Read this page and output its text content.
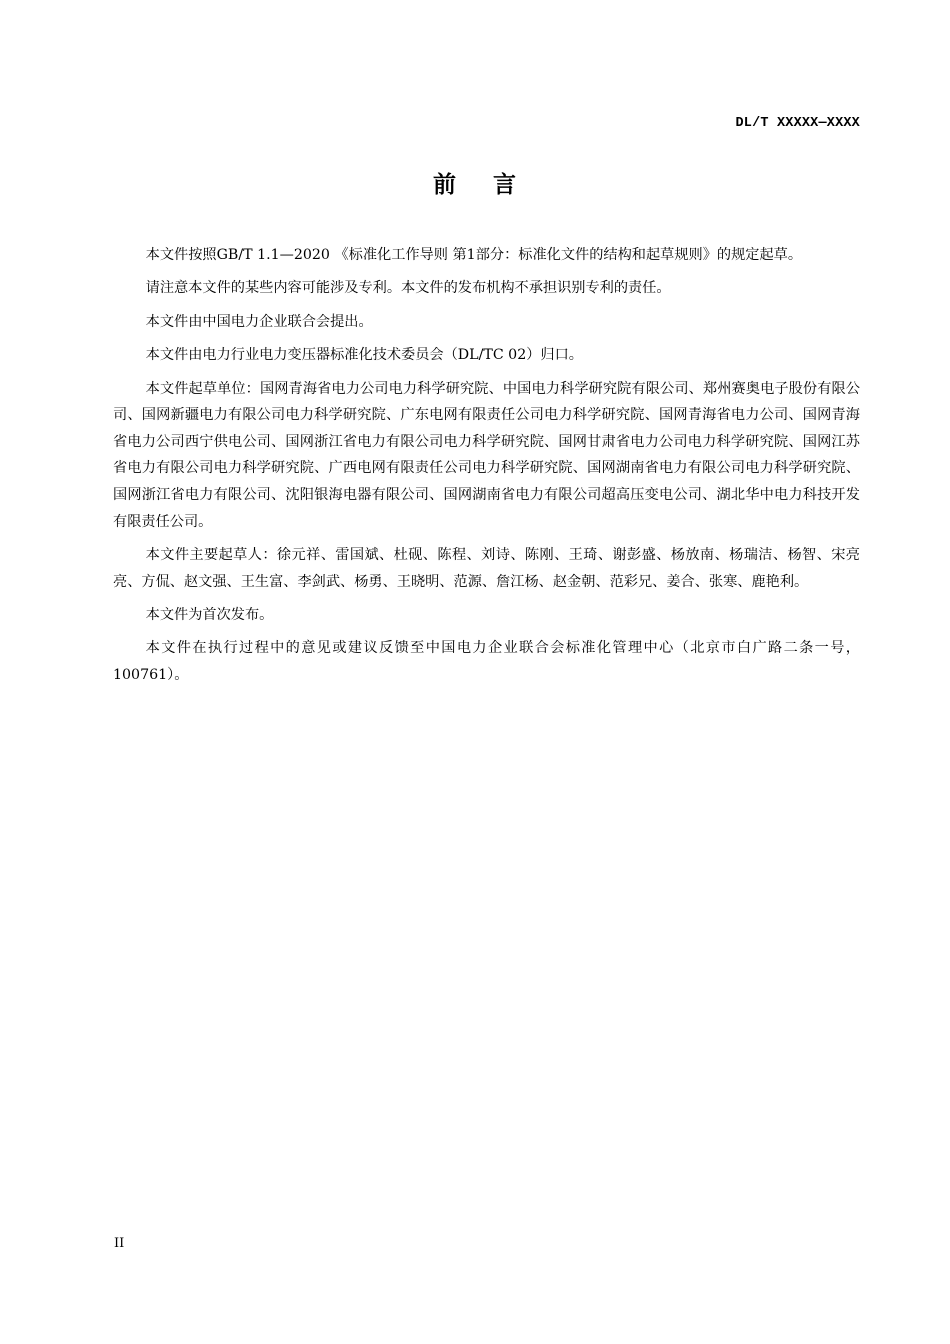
DL/T XXXXX—XXXX
前    言

本文件按照GB/T 1.1—2020 《标准化工作导则 第1部分：标准化文件的结构和起草规则》的规定起草。

请注意本文件的某些内容可能涉及专利。本文件的发布机构不承担识别专利的责任。

本文件由中国电力企业联合会提出。

本文件由电力行业电力变压器标准化技术委员会（DL/TC 02）归口。

本文件起草单位：国网青海省电力公司电力科学研究院、中国电力科学研究院有限公司、郑州赛奥电子股份有限公司、国网新疆电力有限公司电力科学研究院、广东电网有限责任公司电力科学研究院、国网青海省电力公司、国网青海省电力公司西宁供电公司、国网浙江省电力有限公司电力科学研究院、国网甘肃省电力公司电力科学研究院、国网江苏省电力有限公司电力科学研究院、广西电网有限责任公司电力科学研究院、国网湖南省电力有限公司电力科学研究院、国网浙江省电力有限公司、沈阳银海电器有限公司、国网湖南省电力有限公司超高压变电公司、湖北华中电力科技开发有限责任公司。

本文件主要起草人：徐元祥、雷国斌、杜砚、陈程、刘诗、陈刚、王琦、谢彭盛、杨放南、杨瑞洁、杨智、宋亮亮、方侃、赵文强、王生富、李剑武、杨勇、王晓明、范源、詹江杨、赵金朝、范彩兄、姜合、张寒、鹿艳利。

本文件为首次发布。

本文件在执行过程中的意见或建议反馈至中国电力企业联合会标准化管理中心（北京市白广路二条一号，100761）。

II
